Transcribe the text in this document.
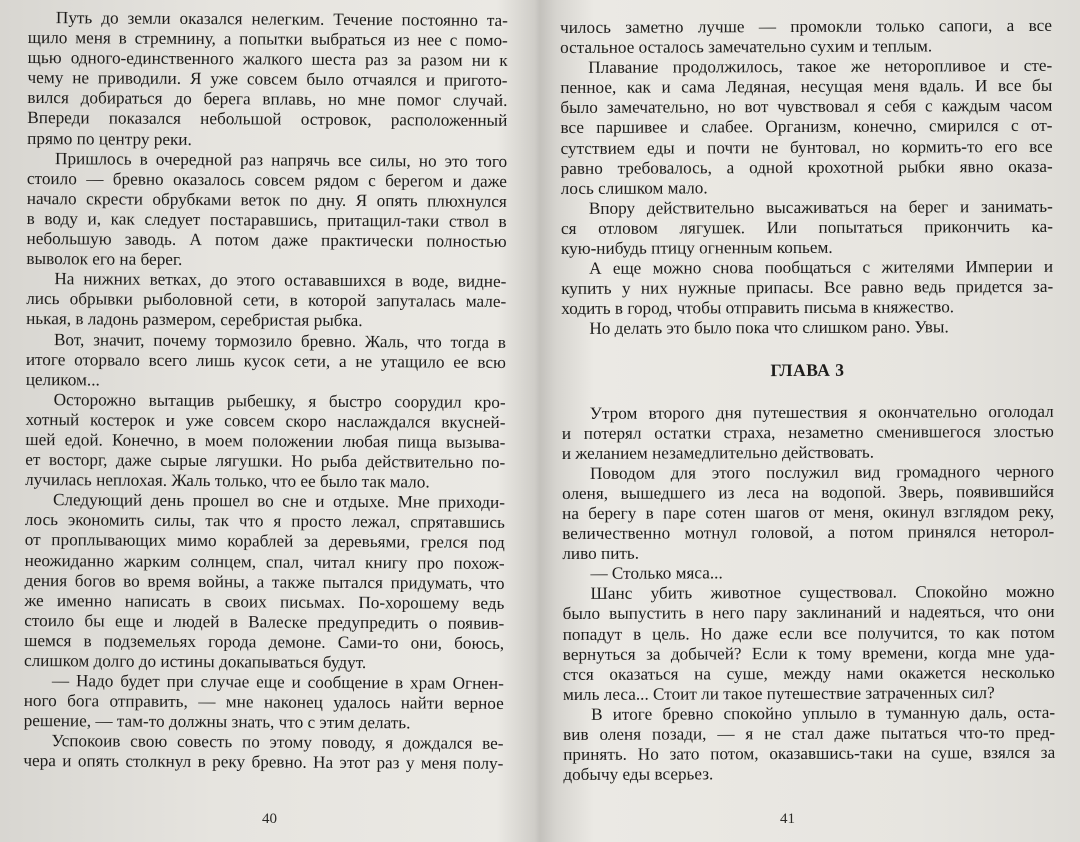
Путь до земли оказался нелегким. Течение постоянно та-
щило меня в стремнину, а попытки выбраться из нее с помо-
щью одного-единственного жалкого шеста раз за разом ни к
чему не приводили. Я уже совсем было отчаялся и пригото-
вился добираться до берега вплавь, но мне помог случай.
Впереди показался небольшой островок, расположенный
прямо по центру реки.
Пришлось в очередной раз напрячь все силы, но это того
стоило — бревно оказалось совсем рядом с берегом и даже
начало скрести обрубками веток по дну. Я опять плюхнулся
в воду и, как следует постаравшись, притащил-таки ствол в
небольшую заводь. А потом даже практически полностью
выволок его на берег.
На нижних ветках, до этого остававшихся в воде, видне-
лись обрывки рыболовной сети, в которой запуталась мале-
нькая, в ладонь размером, серебристая рыбка.
Вот, значит, почему тормозило бревно. Жаль, что тогда в
итоге оторвало всего лишь кусок сети, а не утащило ее всю
целиком...
Осторожно вытащив рыбешку, я быстро соорудил кро-
хотный костерок и уже совсем скоро наслаждался вкусней-
шей едой. Конечно, в моем положении любая пища вызыва-
ет восторг, даже сырые лягушки. Но рыба действительно по-
лучилась неплохая. Жаль только, что ее было так мало.
Следующий день прошел во сне и отдыхе. Мне приходи-
лось экономить силы, так что я просто лежал, спрятавшись
от проплывающих мимо кораблей за деревьями, грелся под
неожиданно жарким солнцем, спал, читал книгу про похож-
дения богов во время войны, а также пытался придумать, что
же именно написать в своих письмах. По-хорошему ведь
стоило бы еще и людей в Валеске предупредить о появив-
шемся в подземельях города демоне. Сами-то они, боюсь,
слишком долго до истины докапываться будут.
— Надо будет при случае еще и сообщение в храм Огнен-
ного бога отправить, — мне наконец удалось найти верное
решение, — там-то должны знать, что с этим делать.
Успокоив свою совесть по этому поводу, я дождался ве-
чера и опять столкнул в реку бревно. На этот раз у меня полу-
40
чилось заметно лучше — промокли только сапоги, а все
остальное осталось замечательно сухим и теплым.
Плавание продолжилось, такое же неторопливое и сте-
пенное, как и сама Ледяная, несущая меня вдаль. И все бы
было замечательно, но вот чувствовал я себя с каждым часом
все паршивее и слабее. Организм, конечно, смирился с от-
сутствием еды и почти не бунтовал, но кормить-то его все
равно требовалось, а одной крохотной рыбки явно оказа-
лось слишком мало.
Впору действительно высаживаться на берег и занимать-
ся отловом лягушек. Или попытаться прикончить ка-
кую-нибудь птицу огненным копьем.
А еще можно снова пообщаться с жителями Империи и
купить у них нужные припасы. Все равно ведь придется за-
ходить в город, чтобы отправить письма в княжество.
Но делать это было пока что слишком рано. Увы.
ГЛАВА 3
Утром второго дня путешествия я окончательно оголодал
и потерял остатки страха, незаметно сменившегося злостью
и желанием незамедлительно действовать.
Поводом для этого послужил вид громадного черного
оленя, вышедшего из леса на водопой. Зверь, появившийся
на берегу в паре сотен шагов от меня, окинул взглядом реку,
величественно мотнул головой, а потом принялся неторол-
ливо пить.
— Столько мяса...
Шанс убить животное существовал. Спокойно можно
было выпустить в него пару заклинаний и надеяться, что они
попадут в цель. Но даже если все получится, то как потом
вернуться за добычей? Если к тому времени, когда мне уда-
стся оказаться на суше, между нами окажется несколько
миль леса... Стоит ли такое путешествие затраченных сил?
В итоге бревно спокойно уплыло в туманную даль, оста-
вив оленя позади, — я не стал даже пытаться что-то пред-
принять. Но зато потом, оказавшись-таки на суше, взялся за
добычу еды всерьез.
41
